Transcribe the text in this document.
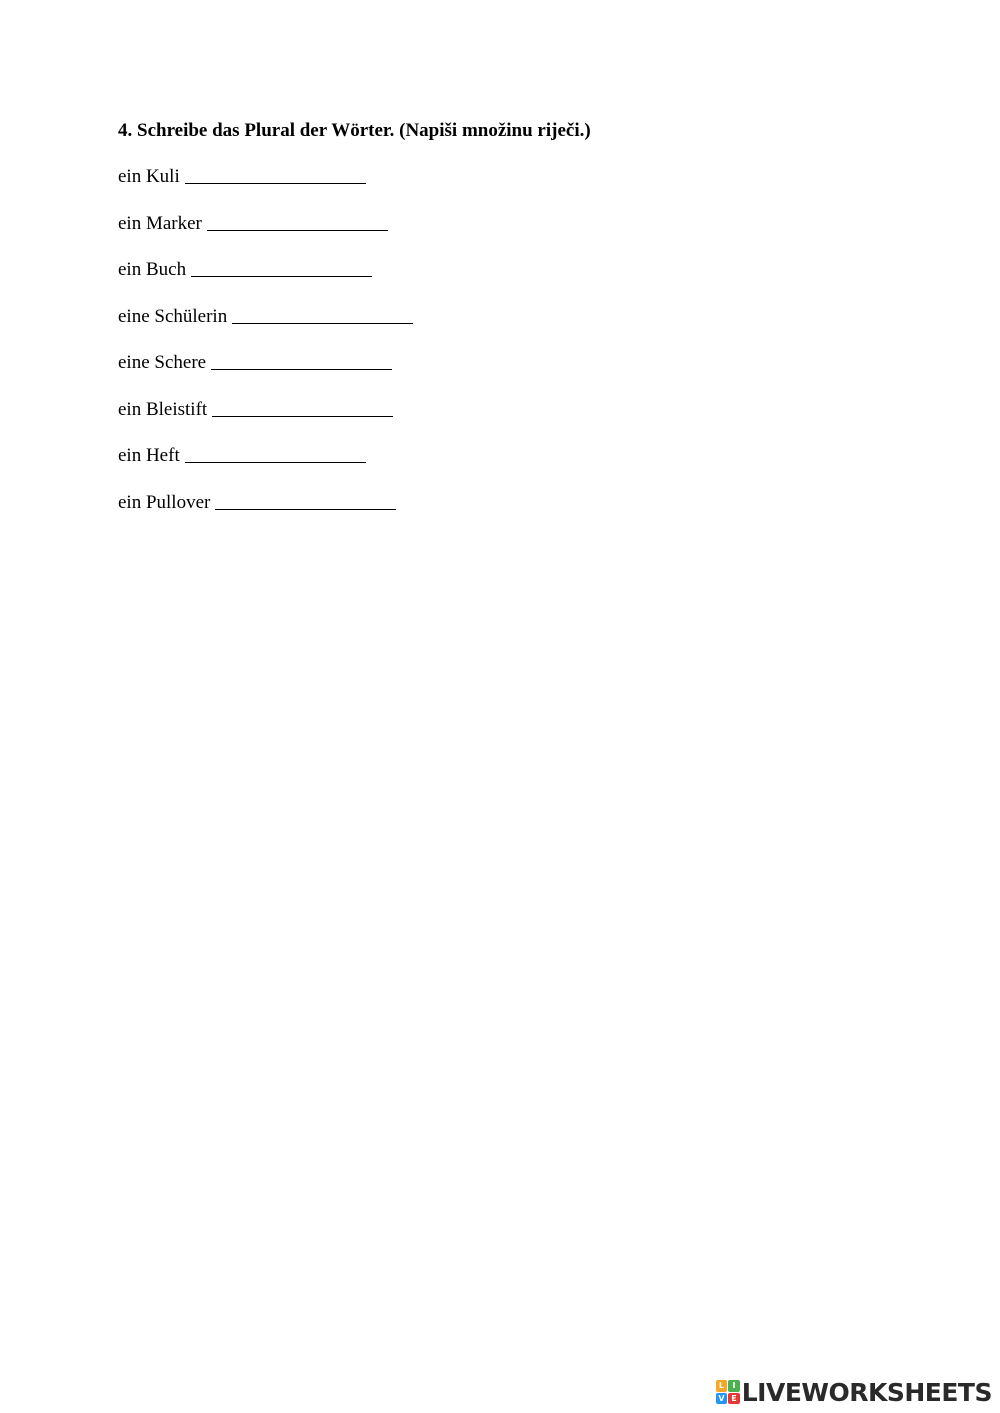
4. Schreibe das Plural der Wörter. (Napiši množinu riječi.)
ein Kuli
ein Marker
ein Buch
eine Schülerin
eine Schere
ein Bleistift
ein Heft
ein Pullover
L	I
V E LIVEWORKSHEETS
